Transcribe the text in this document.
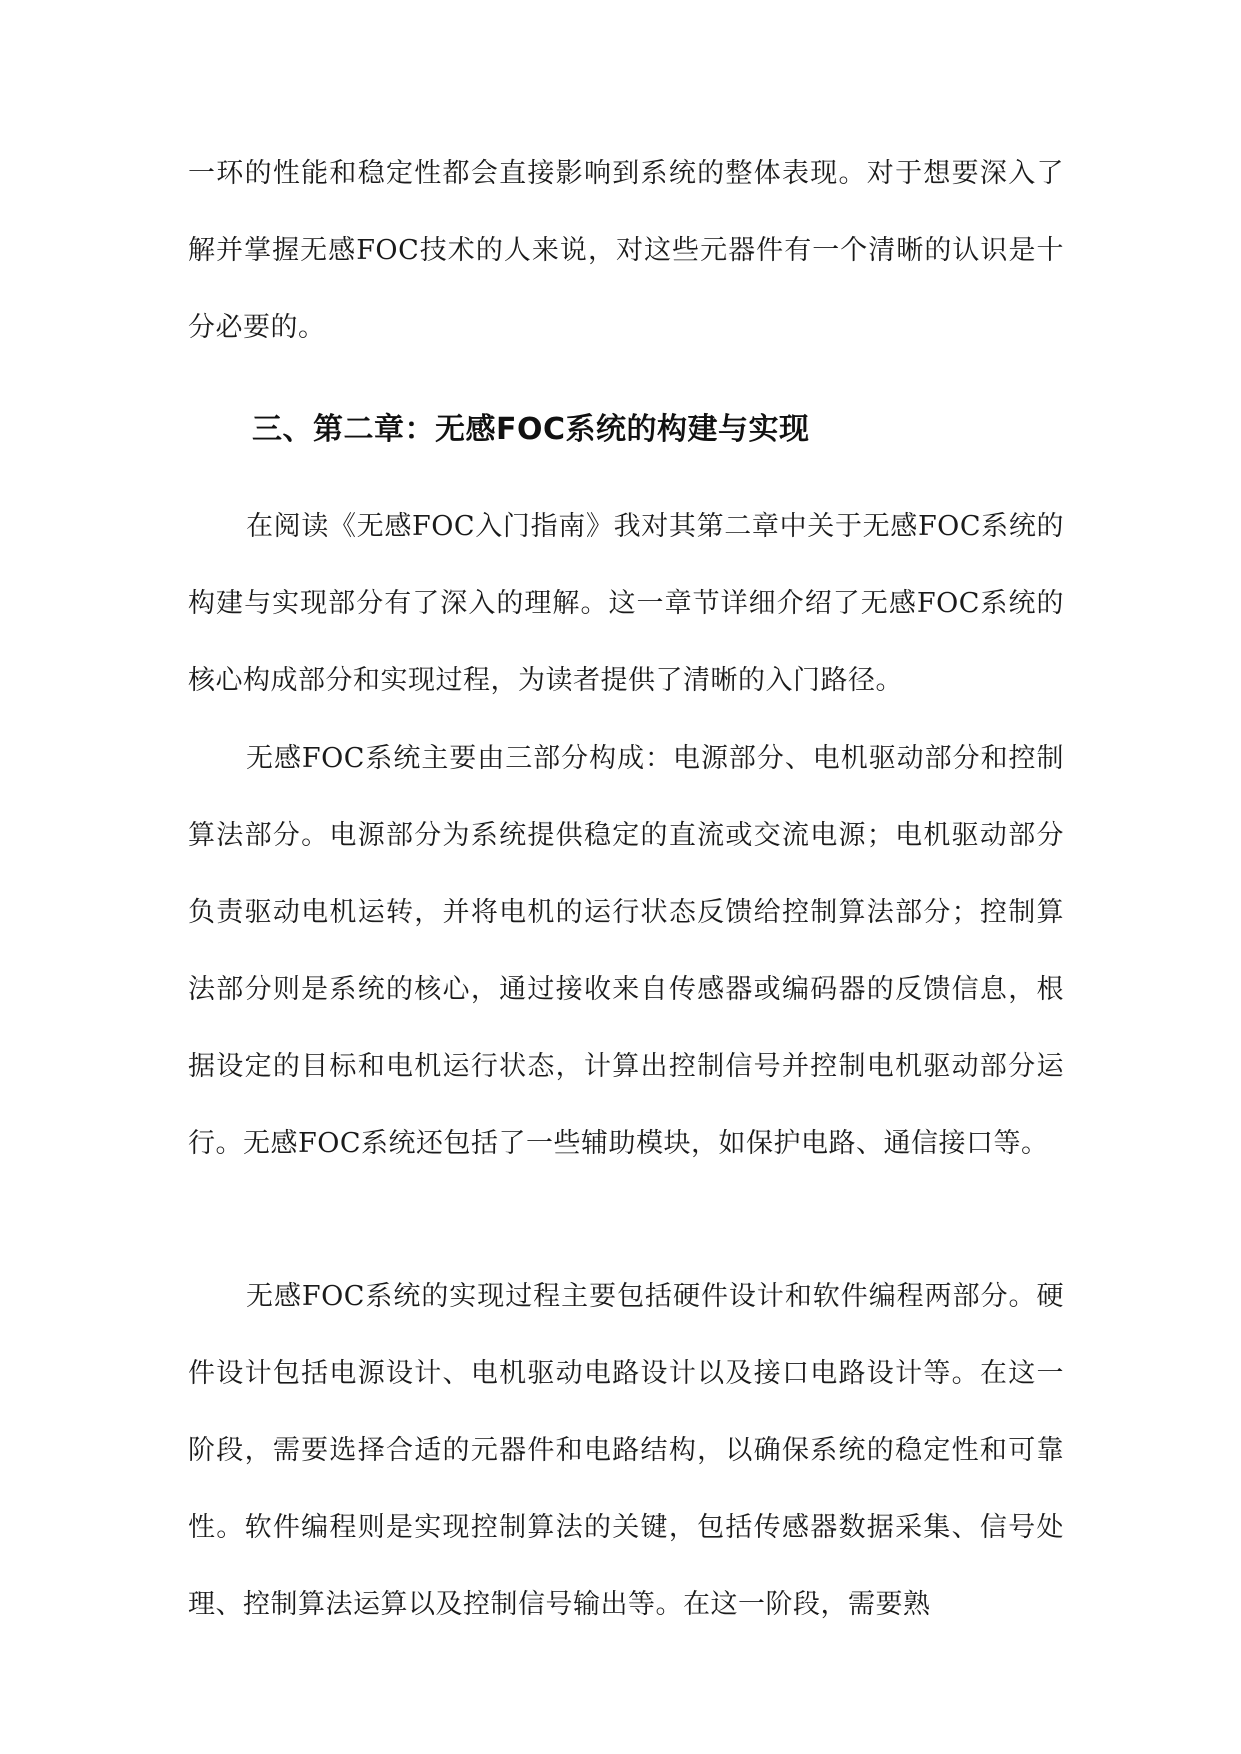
一环的性能和稳定性都会直接影响到系统的整体表现。对于想要深入了解并掌握无感FOC技术的人来说，对这些元器件有一个清晰的认识是十分必要的。

三、第二章：无感FOC系统的构建与实现

在阅读《无感FOC入门指南》我对其第二章中关于无感FOC系统的构建与实现部分有了深入的理解。这一章节详细介绍了无感FOC系统的核心构成部分和实现过程，为读者提供了清晰的入门路径。

无感FOC系统主要由三部分构成：电源部分、电机驱动部分和控制算法部分。电源部分为系统提供稳定的直流或交流电源；电机驱动部分负责驱动电机运转，并将电机的运行状态反馈给控制算法部分；控制算法部分则是系统的核心，通过接收来自传感器或编码器的反馈信息，根据设定的目标和电机运行状态，计算出控制信号并控制电机驱动部分运行。无感FOC系统还包括了一些辅助模块，如保护电路、通信接口等。

无感FOC系统的实现过程主要包括硬件设计和软件编程两部分。硬件设计包括电源设计、电机驱动电路设计以及接口电路设计等。在这一阶段，需要选择合适的元器件和电路结构，以确保系统的稳定性和可靠性。软件编程则是实现控制算法的关键，包括传感器数据采集、信号处理、控制算法运算以及控制信号输出等。在这一阶段，需要熟
